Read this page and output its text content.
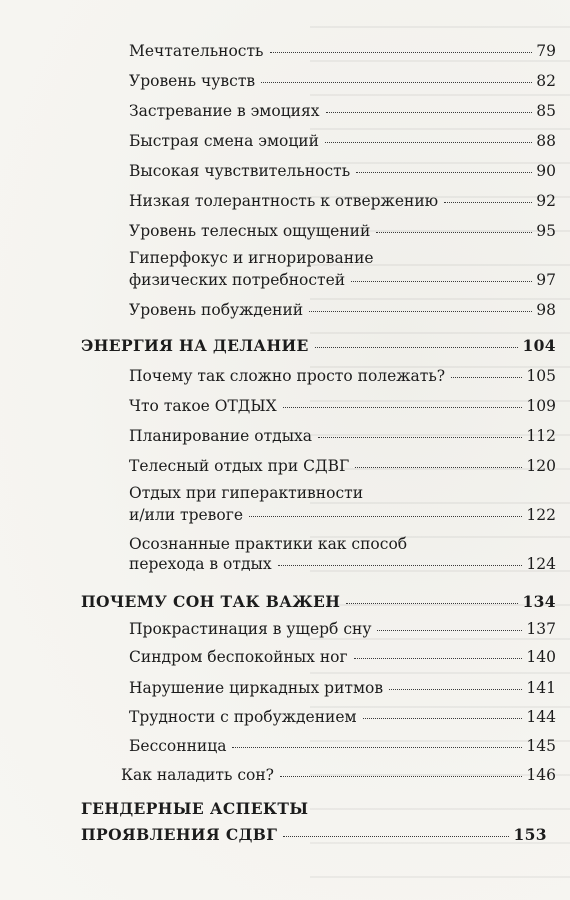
Мечтательность	79
Уровень чувств	82
Застревание в эмоциях	85
Быстрая смена эмоций	88
Высокая чувствительность	90
Низкая толерантность к отвержению	92
Уровень телесных ощущений	95
Гиперфокус и игнорирование
физических потребностей	97
Уровень побуждений	98
ЭНЕРГИЯ НА ДЕЛАНИЕ	104
Почему так сложно просто полежать?	105
Что такое ОТДЫХ	109
Планирование отдыха	112
Телесный отдых при СДВГ	120
Отдых при гиперактивности
и/или тревоге	122
Осознанные практики как способ
перехода в отдых	124
ПОЧЕМУ СОН ТАК ВАЖЕН	134
Прокрастинация в ущерб сну	137
Синдром беспокойных ног	140
Нарушение циркадных ритмов	141
Трудности с пробуждением	144
Бессонница	145
Как наладить сон?	146
ГЕНДЕРНЫЕ АСПЕКТЫ
ПРОЯВЛЕНИЯ СДВГ	153
